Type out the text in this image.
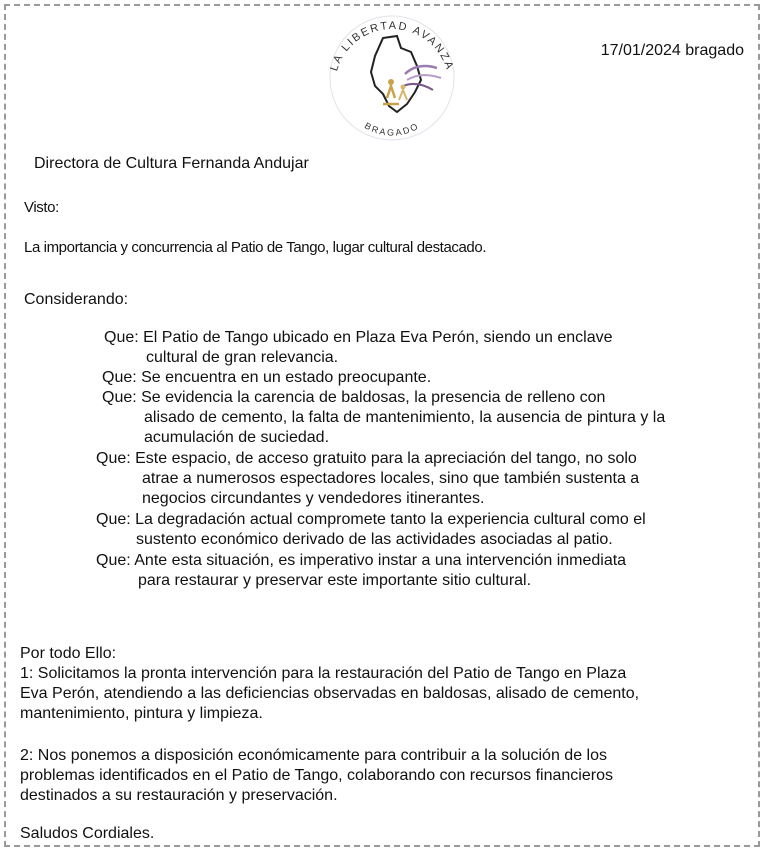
LA LIBERTAD AVANZA
BRAGADO
17/01/2024 bragado
Directora de Cultura Fernanda Andujar
Visto:
La importancia y concurrencia al Patio de Tango, lugar cultural destacado.
Considerando:
Que: El Patio de Tango ubicado en Plaza Eva Perón, siendo un enclave
cultural de gran relevancia.
Que: Se encuentra en un estado preocupante.
Que: Se evidencia la carencia de baldosas, la presencia de relleno con
alisado de cemento, la falta de mantenimiento, la ausencia de pintura y la
acumulación de suciedad.
Que: Este espacio, de acceso gratuito para la apreciación del tango, no solo
atrae a numerosos espectadores locales, sino que también sustenta a
negocios circundantes y vendedores itinerantes.
Que: La degradación actual compromete tanto la experiencia cultural como el
sustento económico derivado de las actividades asociadas al patio.
Que: Ante esta situación, es imperativo instar a una intervención inmediata
para restaurar y preservar este importante sitio cultural.
Por todo Ello:
1: Solicitamos la pronta intervención para la restauración del Patio de Tango en Plaza
Eva Perón, atendiendo a las deficiencias observadas en baldosas, alisado de cemento,
mantenimiento, pintura y limpieza.
2: Nos ponemos a disposición económicamente para contribuir a la solución de los
problemas identificados en el Patio de Tango, colaborando con recursos financieros
destinados a su restauración y preservación.
Saludos Cordiales.
